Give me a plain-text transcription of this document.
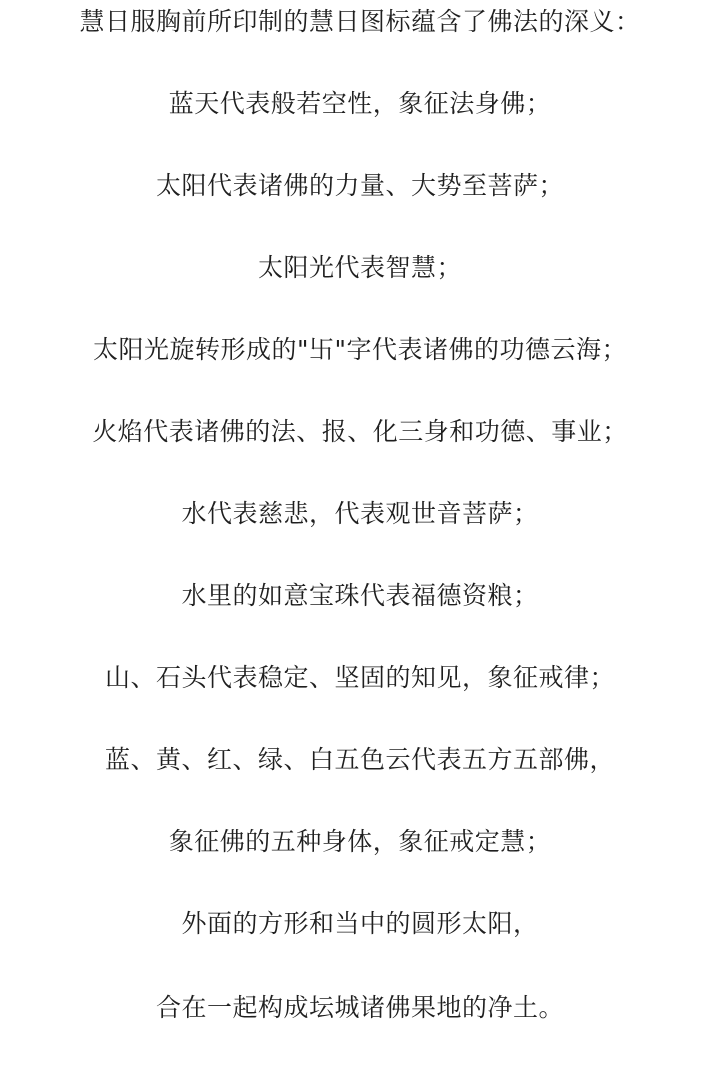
慧日服胸前所印制的慧日图标蕴含了佛法的深义：
蓝天代表般若空性，象征法身佛；
太阳代表诸佛的力量、大势至菩萨；
太阳光代表智慧；
太阳光旋转形成的"卐"字代表诸佛的功德云海；
火焰代表诸佛的法、报、化三身和功德、事业；
水代表慈悲，代表观世音菩萨；
水里的如意宝珠代表福德资粮；
山、石头代表稳定、坚固的知见，象征戒律；
蓝、黄、红、绿、白五色云代表五方五部佛，
象征佛的五种身体，象征戒定慧；
外面的方形和当中的圆形太阳，
合在一起构成坛城诸佛果地的净土。
